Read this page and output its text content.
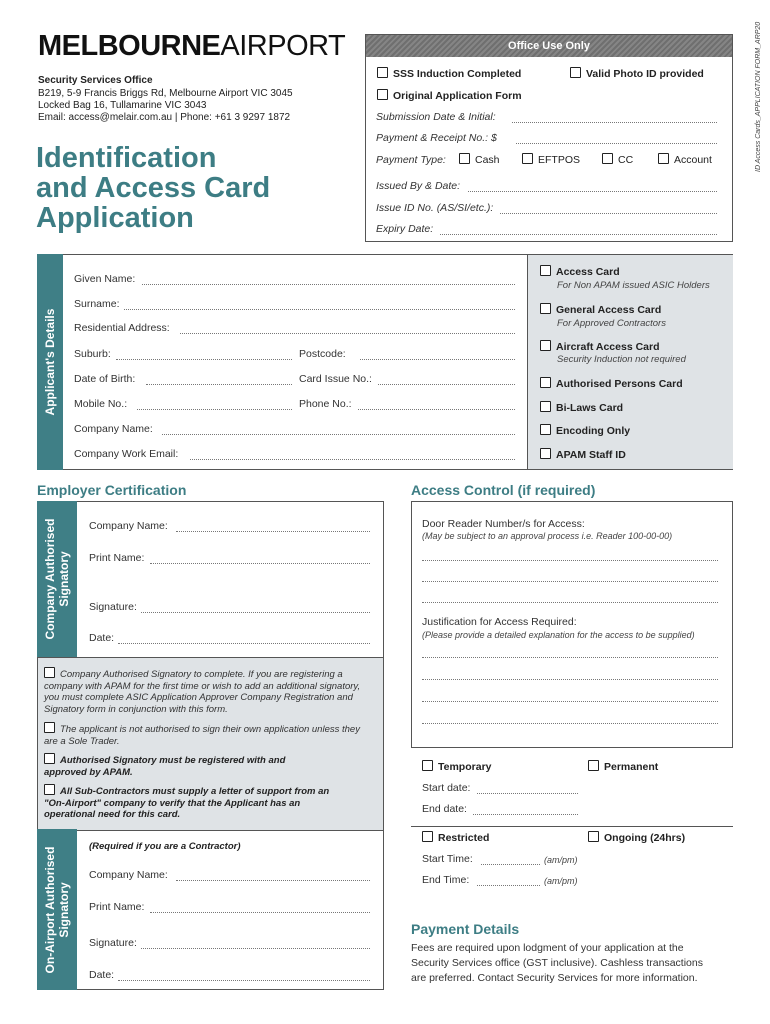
MELBOURNEAIRPORT
Security Services Office
B219, 5-9 Francis Briggs Rd, Melbourne Airport VIC 3045
Locked Bag 16, Tullamarine VIC 3043
Email: access@melair.com.au | Phone: +61 3 9297 1872
Identification
and Access Card
Application
ID Access Cards_APPLICATION FORM_ARP20
Office Use Only
SSS Induction Completed	Valid Photo ID provided
Original Application Form
Submission Date & Initial:
Payment & Receipt No.: $
Payment Type:	Cash	EFTPOS	CC	Account
Issued By & Date:
Issue ID No. (AS/SI/etc.):
Expiry Date:
Applicant's Details
Given Name:
Surname:
Residential Address:
Suburb:	Postcode:
Date of Birth:	Card Issue No.:
Mobile No.:	Phone No.:
Company Name:
Company Work Email:
Access Card
For Non APAM issued ASIC Holders
General Access Card
For Approved Contractors
Aircraft Access Card
Security Induction not required
Authorised Persons Card
Bi-Laws Card
Encoding Only
APAM Staff ID
Employer Certification
Company Authorised Signatory
Company Name:
Print Name:
Signature:
Date:
Company Authorised Signatory to complete. If you are registering a company with APAM for the first time or wish to add an additional signatory, you must complete ASIC Application Approver Company Registration and Signatory form in conjunction with this form.
The applicant is not authorised to sign their own application unless they are a Sole Trader.
Authorised Signatory must be registered with and approved by APAM.
All Sub-Contractors must supply a letter of support from an "On-Airport" company to verify that the Applicant has an operational need for this card.
On-Airport Authorised Signatory
(Required if you are a Contractor)
Company Name:
Print Name:
Signature:
Date:
Access Control (if required)
Door Reader Number/s for Access:
(May be subject to an approval process i.e. Reader 100-00-00)
Justification for Access Required:
(Please provide a detailed explanation for the access to be supplied)
Temporary	Permanent
Start date:
End date:
Restricted	Ongoing (24hrs)
Start Time:	(am/pm)
End Time:	(am/pm)
Payment Details
Fees are required upon lodgment of your application at the
Security Services office (GST inclusive). Cashless transactions
are preferred. Contact Security Services for more information.
